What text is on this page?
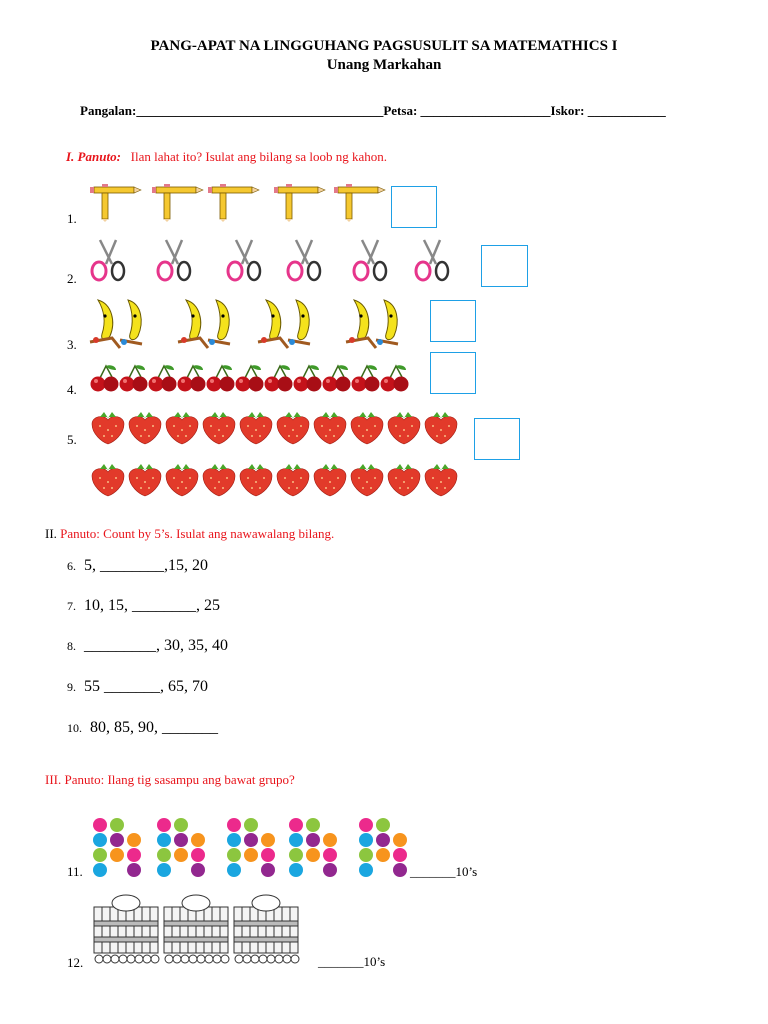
PANG-APAT NA LINGGUHANG PAGSUSULIT SA MATEMATHICS I
Unang Markahan
Pangalan:______________________________________Petsa: ____________________Iskor: ____________
I. Panuto: Ilan lahat ito? Isulat ang bilang sa loob ng kahon.
1.
2.
3.
4.
5.
II. Panuto: Count by 5’s. Isulat ang nawawalang bilang.
6. 5, ________,15, 20
7. 10, 15, ________, 25
8. _________, 30, 35, 40
9. 55 _______, 65, 70
10. 80, 85, 90, _______
III. Panuto: Ilang tig sasampu ang bawat grupo?
11.	_______10’s
12.	_______10’s
